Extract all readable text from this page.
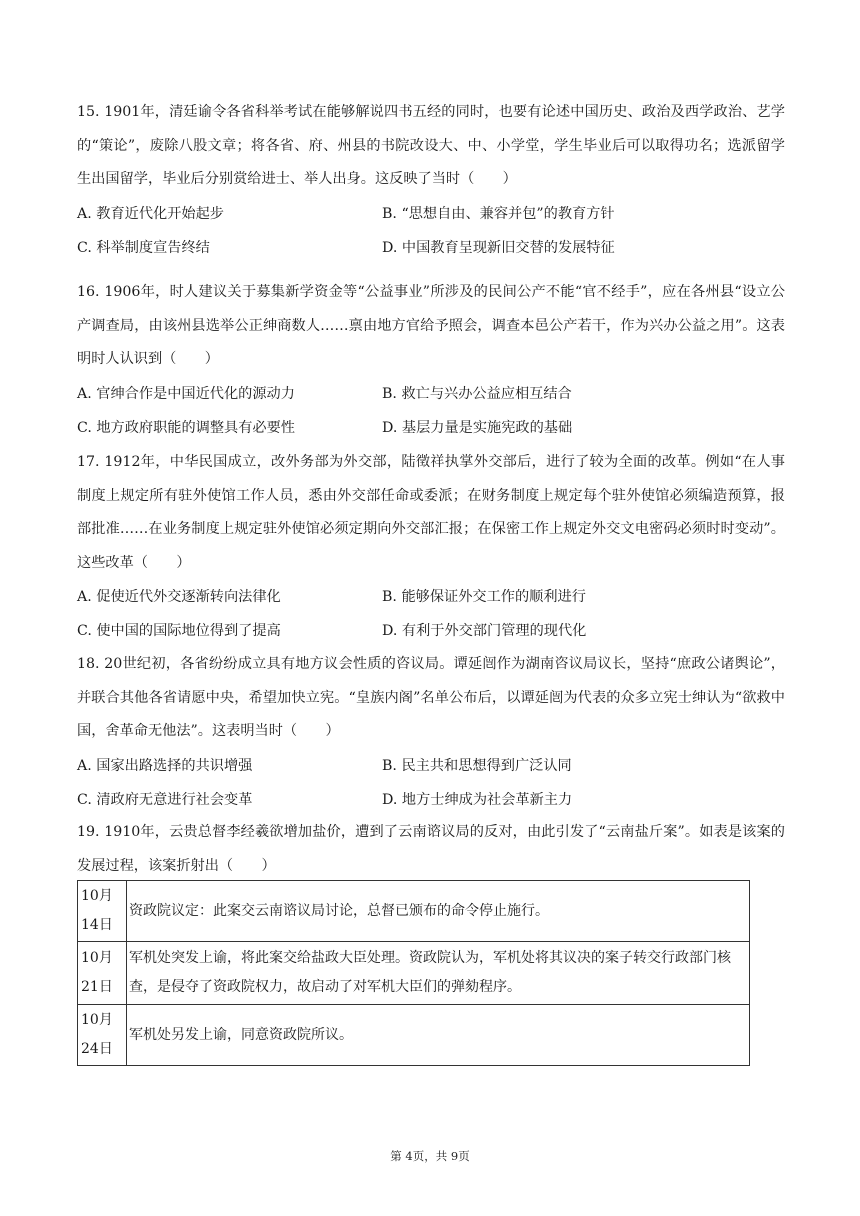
15. 1901年，清廷谕令各省科举考试在能够解说四书五经的同时，也要有论述中国历史、政治及西学政治、艺学的“策论”，废除八股文章；将各省、府、州县的书院改设大、中、小学堂，学生毕业后可以取得功名；选派留学生出国留学，毕业后分别赏给进士、举人出身。这反映了当时（　　）

A. 教育近代化开始起步	B. “思想自由、兼容并包”的教育方针
C. 科举制度宣告终结	D. 中国教育呈现新旧交替的发展特征

16. 1906年，时人建议关于募集新学资金等“公益事业”所涉及的民间公产不能“官不经手”，应在各州县“设立公产调查局，由该州县选举公正绅商数人……禀由地方官给予照会，调查本邑公产若干，作为兴办公益之用”。这表明时人认识到（　　）

A. 官绅合作是中国近代化的源动力	B. 救亡与兴办公益应相互结合
C. 地方政府职能的调整具有必要性	D. 基层力量是实施宪政的基础

17. 1912年，中华民国成立，改外务部为外交部，陆徵祥执掌外交部后，进行了较为全面的改革。例如“在人事制度上规定所有驻外使馆工作人员，悉由外交部任命或委派；在财务制度上规定每个驻外使馆必须编造预算，报部批准……在业务制度上规定驻外使馆必须定期向外交部汇报；在保密工作上规定外交文电密码必须时时变动”。这些改革（　　）

A. 促使近代外交逐渐转向法律化	B. 能够保证外交工作的顺利进行
C. 使中国的国际地位得到了提高	D. 有利于外交部门管理的现代化

18. 20世纪初，各省纷纷成立具有地方议会性质的咨议局。谭延闿作为湖南咨议局议长，坚持“庶政公诸舆论”，并联合其他各省请愿中央，希望加快立宪。“皇族内阁”名单公布后，以谭延闿为代表的众多立宪士绅认为“欲救中国，舍革命无他法”。这表明当时（　　）

A. 国家出路选择的共识增强	B. 民主共和思想得到广泛认同
C. 清政府无意进行社会变革	D. 地方士绅成为社会革新主力

19. 1910年，云贵总督李经羲欲增加盐价，遭到了云南谘议局的反对，由此引发了“云南盐斤案”。如表是该案的发展过程，该案折射出（　　）

10月14日	资政院议定：此案交云南谘议局讨论，总督已颁布的命令停止施行。
10月21日	军机处突发上谕，将此案交给盐政大臣处理。资政院认为，军机处将其议决的案子转交行政部门核查，是侵夺了资政院权力，故启动了对军机大臣们的弹劾程序。
10月24日	军机处另发上谕，同意资政院所议。
第 4页，共 9页
